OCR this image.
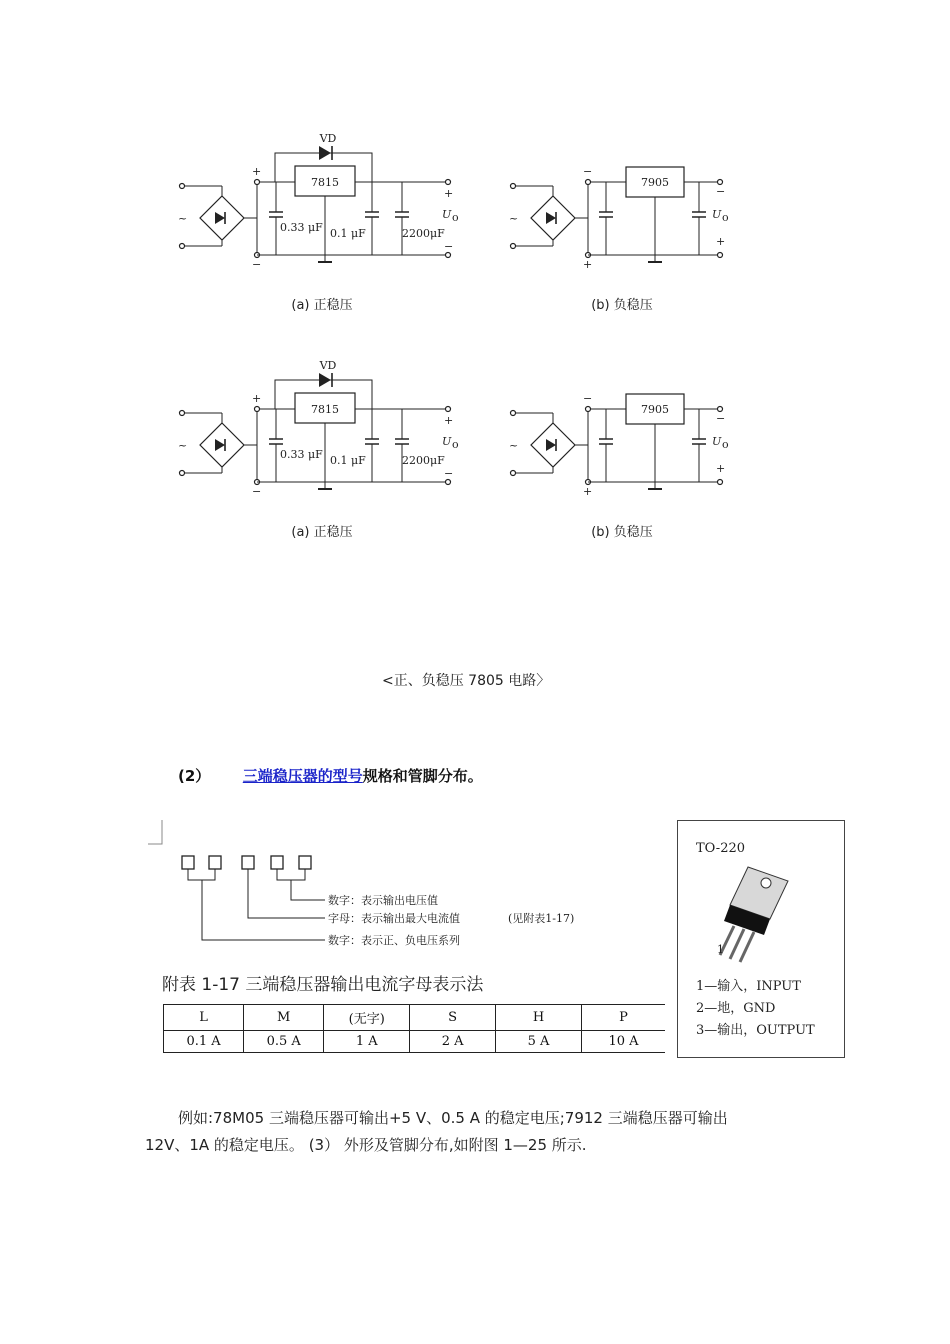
7815
VD
0.33 μF 0.1 μF	2200μF
U o
+
−
+
−
~
(a) 正稳压
7905
U o
−
+
−
+
~
(b) 负稳压
7815
VD
0.33 μF 0.1 μF	2200μF
U o
+
−
+
−
~
(a) 正稳压
7905
U o
−
+
−
+
~
(b) 负稳压
<正、负稳压 7805 电路〉
(2） 三端稳压器的型号规格和管脚分布。
数字：表示输出电压值
字母：表示输出最大电流值	(见附表1-17)
数字：表示正、负电压系列
附表 1-17 三端稳压器输出电流字母表示法
L	M	(无字)	S	H	P
0.1 A	0.5 A	1 A	2 A	5 A	10 A
TO-220
1
1—输入，INPUT
2—地，GND
3—输出，OUTPUT
例如:78M05 三端稳压器可输出+5 V、0.5 A 的稳定电压;7912 三端稳压器可输出
12V、1A 的稳定电压。 (3） 外形及管脚分布,如附图 1—25 所示.
